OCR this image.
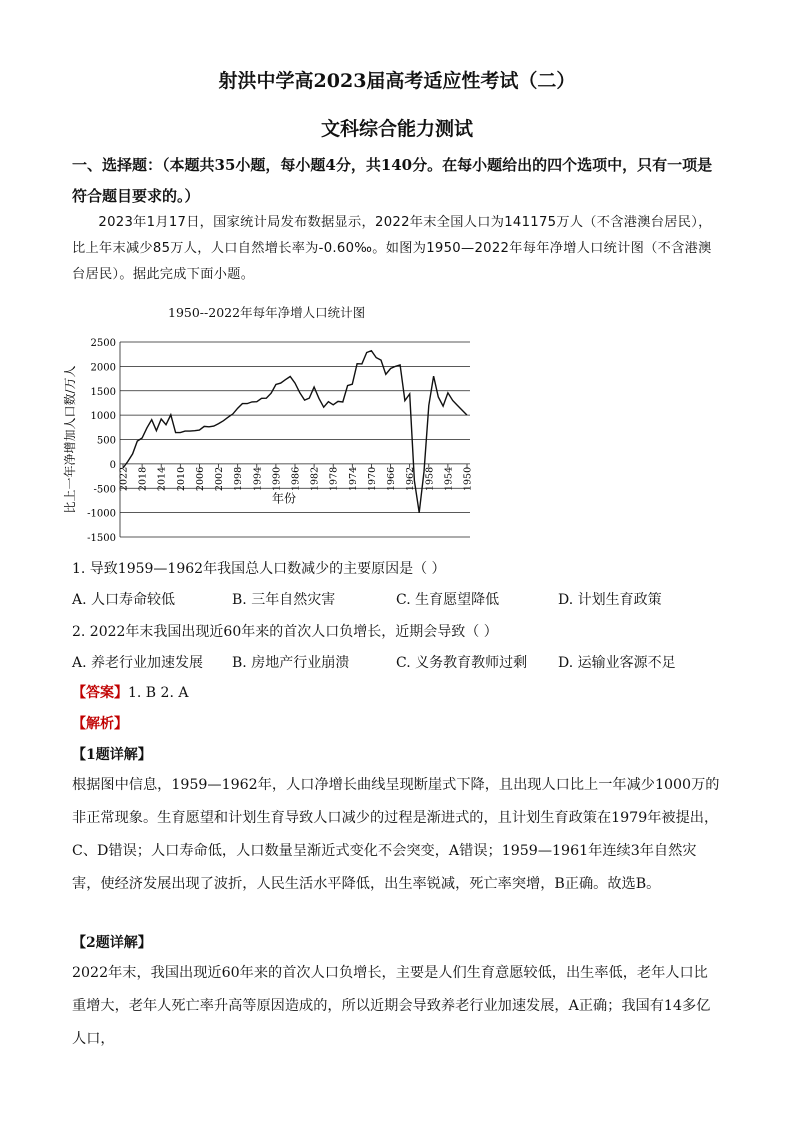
射洪中学高2023届高考适应性考试（二）
文科综合能力测试
一、选择题：（本题共35小题，每小题4分，共140分。在每小题给出的四个选项中，只有一项是符合题目要求的。）

2023年1月17日，国家统计局发布数据显示，2022年末全国人口为141175万人（不含港澳台居民），比上年末减少85万人，人口自然增长率为-0.60‰。如图为1950—2022年每年净增人口统计图（不含港澳台居民）。据此完成下面小题。

1950--2022年每年净增人口统计图
2500
2000
1500
1000
500
0
-500
-1000
-1500
2022 2018 2014 2010 2006 2002 1998 1994 1990 1986 1982 1978 1974 1970 1966 1962 1958 1954 1950
年份
比上一年净增加人口数/万人
1. 导致1959—1962年我国总人口数减少的主要原因是（ ）
A. 人口寿命较低	B. 三年自然灾害	C. 生育愿望降低	D. 计划生育政策
2. 2022年末我国出现近60年来的首次人口负增长，近期会导致（ ）
A. 养老行业加速发展 B. 房地产行业崩溃	C. 义务教育教师过剩 D. 运输业客源不足
【答案】1. B 2. A
【解析】
【1题详解】

根据图中信息，1959—1962年，人口净增长曲线呈现断崖式下降，且出现人口比上一年减少1000万的非正常现象。生育愿望和计划生育导致人口减少的过程是渐进式的，且计划生育政策在1979年被提出，C、D错误；人口寿命低，人口数量呈渐近式变化不会突变，A错误；1959—1961年连续3年自然灾害，使经济发展出现了波折，人民生活水平降低，出生率锐减，死亡率突增，B正确。故选B。

【2题详解】

2022年末，我国出现近60年来的首次人口负增长，主要是人们生育意愿较低，出生率低，老年人口比重增大，老年人死亡率升高等原因造成的，所以近期会导致养老行业加速发展，A正确；我国有14多亿人口，
